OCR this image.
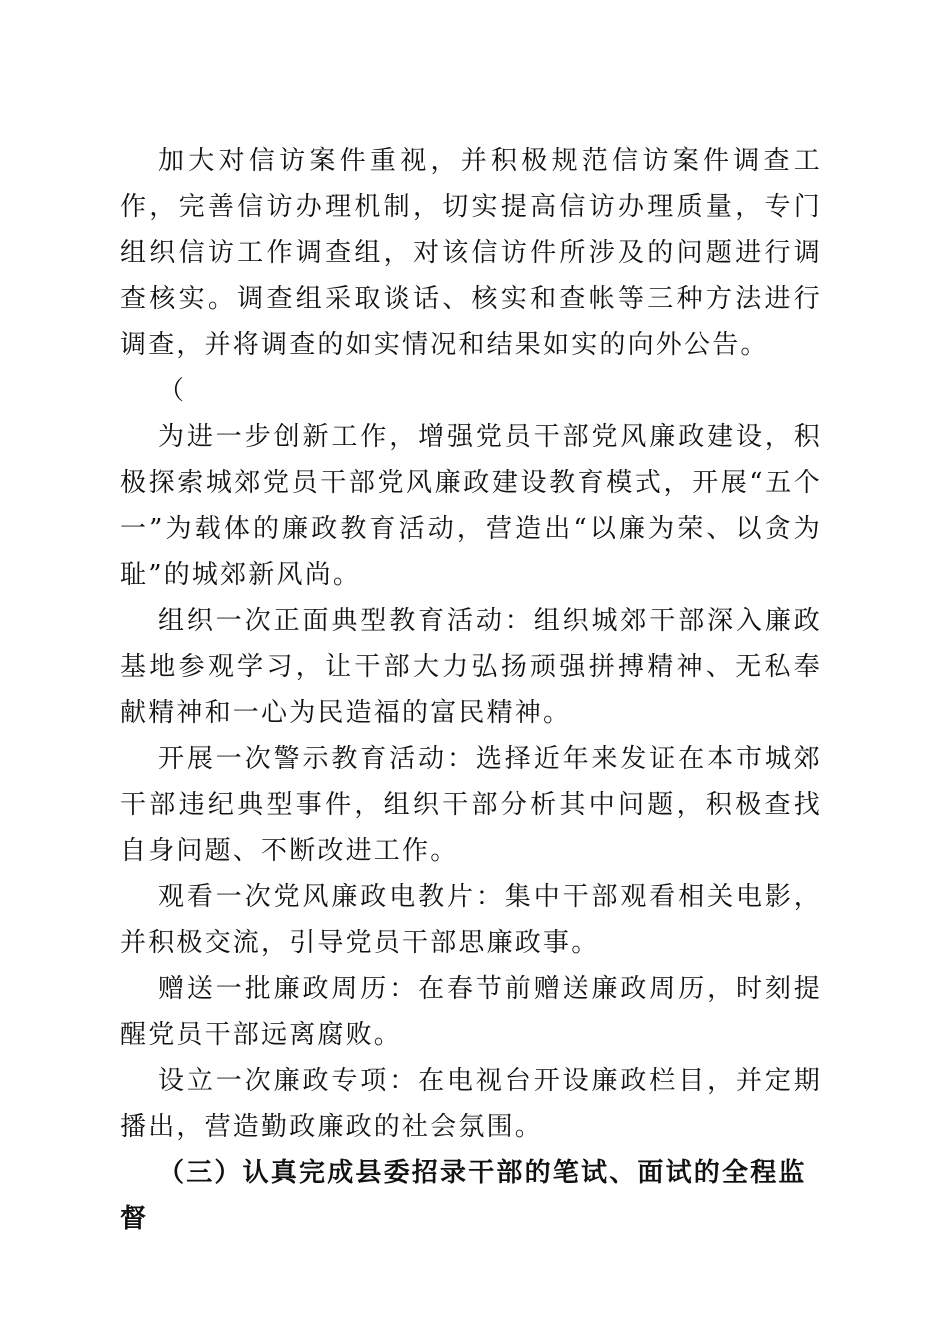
加大对信访案件重视，并积极规范信访案件调查工作，完善信访办理机制，切实提高信访办理质量，专门组织信访工作调查组，对该信访件所涉及的问题进行调查核实。调查组采取谈话、核实和查帐等三种方法进行调查，并将调查的如实情况和结果如实的向外公告。

（

为进一步创新工作，增强党员干部党风廉政建设，积极探索城郊党员干部党风廉政建设教育模式，开展“五个一”为载体的廉政教育活动，营造出“以廉为荣、以贪为耻”的城郊新风尚。

组织一次正面典型教育活动：组织城郊干部深入廉政基地参观学习，让干部大力弘扬顽强拼搏精神、无私奉献精神和一心为民造福的富民精神。

开展一次警示教育活动：选择近年来发证在本市城郊干部违纪典型事件，组织干部分析其中问题，积极查找自身问题、不断改进工作。

观看一次党风廉政电教片：集中干部观看相关电影，并积极交流，引导党员干部思廉政事。

赠送一批廉政周历：在春节前赠送廉政周历，时刻提醒党员干部远离腐败。

设立一次廉政专项：在电视台开设廉政栏目，并定期播出，营造勤政廉政的社会氛围。

（三）认真完成县委招录干部的笔试、面试的全程监督
